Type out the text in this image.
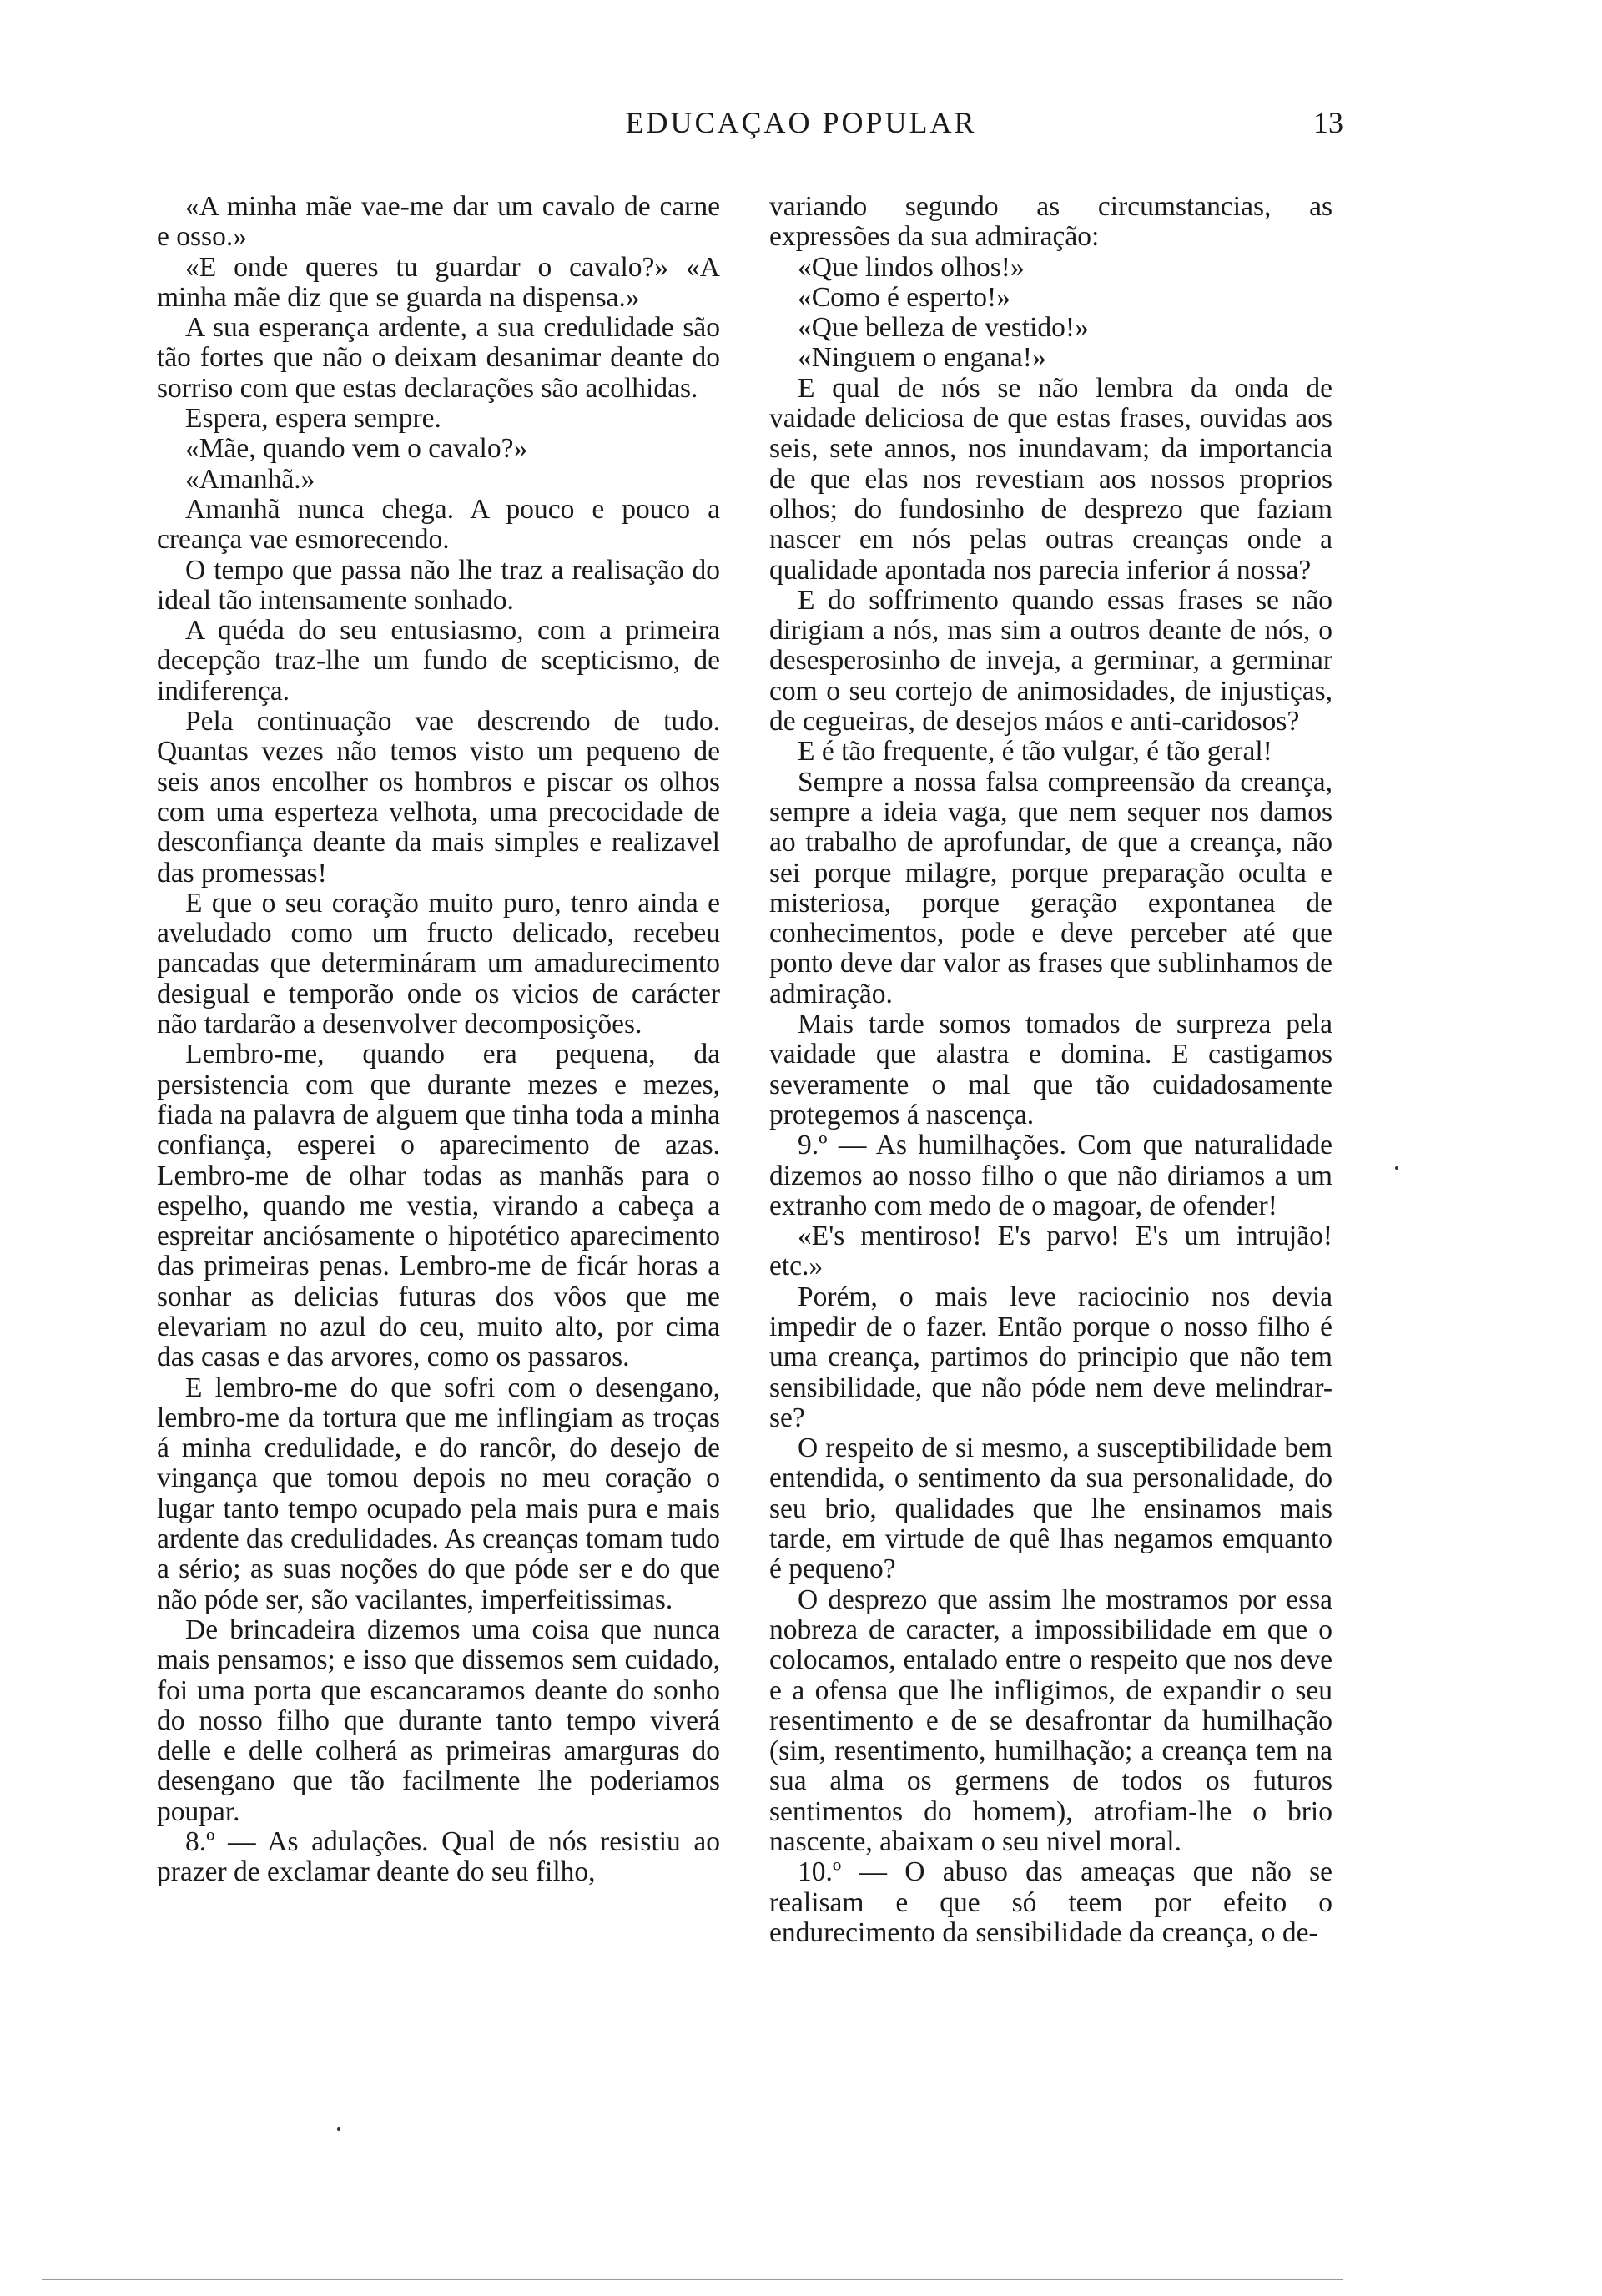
EDUCAÇAO POPULAR	13

«A minha mãe vae-me dar um cavalo de carne e osso.»

«E onde queres tu guardar o cavalo?» «A minha mãe diz que se guarda na dispensa.»

A sua esperança ardente, a sua credulidade são tão fortes que não o deixam desanimar deante do sorriso com que estas declarações são acolhidas.

Espera, espera sempre.

«Mãe, quando vem o cavalo?»

«Amanhã.»

Amanhã nunca chega. A pouco e pouco a creança vae esmorecendo.

O tempo que passa não lhe traz a realisação do ideal tão intensamente sonhado.

A quéda do seu entusiasmo, com a primeira decepção traz-lhe um fundo de scepticismo, de indiferença.

Pela continuação vae descrendo de tudo. Quantas vezes não temos visto um pequeno de seis anos encolher os hombros e piscar os olhos com uma esperteza velhota, uma precocidade de desconfiança deante da mais simples e realizavel das promessas!

E que o seu coração muito puro, tenro ainda e aveludado como um fructo delicado, recebeu pancadas que determináram um amadurecimento desigual e temporão onde os vicios de carácter não tardarão a desenvolver decomposições.

Lembro-me, quando era pequena, da persistencia com que durante mezes e mezes, fiada na palavra de alguem que tinha toda a minha confiança, esperei o aparecimento de azas. Lembro-me de olhar todas as manhãs para o espelho, quando me vestia, virando a cabeça a espreitar anciósamente o hipotético aparecimento das primeiras penas. Lembro-me de ficár horas a sonhar as delicias futuras dos vôos que me elevariam no azul do ceu, muito alto, por cima das casas e das arvores, como os passaros.

E lembro-me do que sofri com o desengano, lembro-me da tortura que me inflingiam as troças á minha credulidade, e do rancôr, do desejo de vingança que tomou depois no meu coração o lugar tanto tempo ocupado pela mais pura e mais ardente das credulidades. As creanças tomam tudo a sério; as suas noções do que póde ser e do que não póde ser, são vacilantes, imperfeitissimas.

De brincadeira dizemos uma coisa que nunca mais pensamos; e isso que dissemos sem cuidado, foi uma porta que escancaramos deante do sonho do nosso filho que durante tanto tempo viverá delle e delle colherá as primeiras amarguras do desengano que tão facilmente lhe poderiamos poupar.

8.º — As adulações. Qual de nós resistiu ao prazer de exclamar deante do seu filho,

variando segundo as circumstancias, as expressões da sua admiração:

«Que lindos olhos!»

«Como é esperto!»

«Que belleza de vestido!»

«Ninguem o engana!»

E qual de nós se não lembra da onda de vaidade deliciosa de que estas frases, ouvidas aos seis, sete annos, nos inundavam; da importancia de que elas nos revestiam aos nossos proprios olhos; do fundosinho de desprezo que faziam nascer em nós pelas outras creanças onde a qualidade apontada nos parecia inferior á nossa?

E do soffrimento quando essas frases se não dirigiam a nós, mas sim a outros deante de nós, o desesperosinho de inveja, a germinar, a germinar com o seu cortejo de animosidades, de injustiças, de cegueiras, de desejos máos e anti-caridosos?

E é tão frequente, é tão vulgar, é tão geral!

Sempre a nossa falsa compreensão da creança, sempre a ideia vaga, que nem sequer nos damos ao trabalho de aprofundar, de que a creança, não sei porque milagre, porque preparação oculta e misteriosa, porque geração expontanea de conhecimentos, pode e deve perceber até que ponto deve dar valor as frases que sublinhamos de admiração.

Mais tarde somos tomados de surpreza pela vaidade que alastra e domina. E castigamos severamente o mal que tão cuidadosamente protegemos á nascença.

9.º — As humilhações. Com que naturalidade dizemos ao nosso filho o que não diriamos a um extranho com medo de o magoar, de ofender!

«E's mentiroso! E's parvo! E's um intrujão! etc.»

Porém, o mais leve raciocinio nos devia impedir de o fazer. Então porque o nosso filho é uma creança, partimos do principio que não tem sensibilidade, que não póde nem deve melindrar-se?

O respeito de si mesmo, a susceptibilidade bem entendida, o sentimento da sua personalidade, do seu brio, qualidades que lhe ensinamos mais tarde, em virtude de quê lhas negamos emquanto é pequeno?

O desprezo que assim lhe mostramos por essa nobreza de caracter, a impossibilidade em que o colocamos, entalado entre o respeito que nos deve e a ofensa que lhe infligimos, de expandir o seu resentimento e de se desafrontar da humilhação (sim, resentimento, humilhação; a creança tem na sua alma os germens de todos os futuros sentimentos do homem), atrofiam-lhe o brio nascente, abaixam o seu nivel moral.

10.º — O abuso das ameaças que não se realisam e que só teem por efeito o endurecimento da sensibilidade da creança, o de-
